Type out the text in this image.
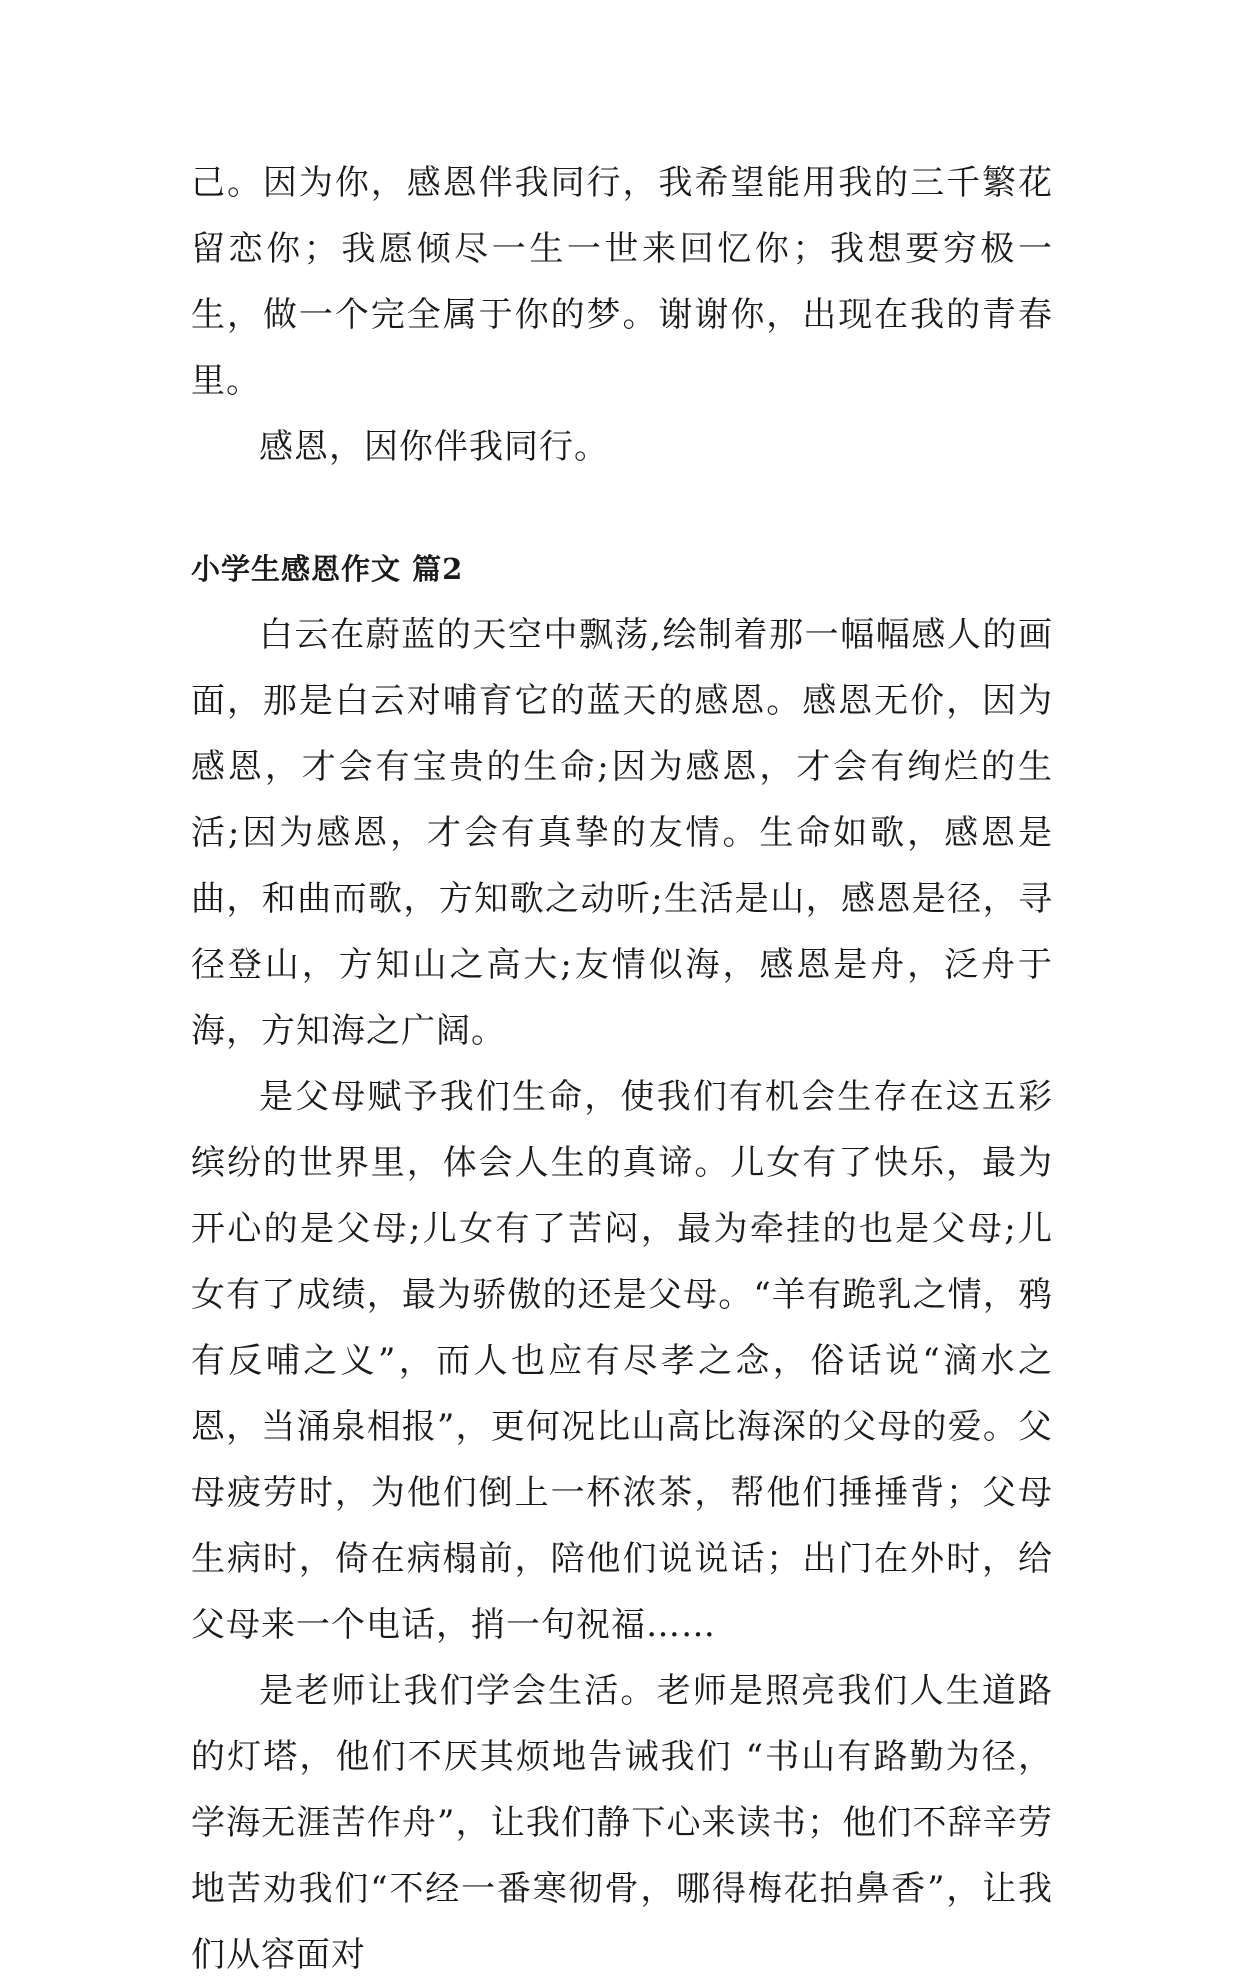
己。因为你，感恩伴我同行，我希望能用我的三千繁花留恋你；我愿倾尽一生一世来回忆你；我想要穷极一生，做一个完全属于你的梦。谢谢你，出现在我的青春里。

感恩，因你伴我同行。

小学生感恩作文 篇2

白云在蔚蓝的天空中飘荡,绘制着那一幅幅感人的画面，那是白云对哺育它的蓝天的感恩。感恩无价，因为感恩，才会有宝贵的生命;因为感恩，才会有绚烂的生活;因为感恩，才会有真挚的友情。生命如歌，感恩是曲，和曲而歌，方知歌之动听;生活是山，感恩是径，寻径登山，方知山之高大;友情似海，感恩是舟，泛舟于海，方知海之广阔。

是父母赋予我们生命，使我们有机会生存在这五彩缤纷的世界里，体会人生的真谛。儿女有了快乐，最为开心的是父母;儿女有了苦闷，最为牵挂的也是父母;儿女有了成绩，最为骄傲的还是父母。“羊有跪乳之情，鸦有反哺之义”，而人也应有尽孝之念，俗话说“滴水之恩，当涌泉相报”，更何况比山高比海深的父母的爱。父母疲劳时，为他们倒上一杯浓茶，帮他们捶捶背；父母生病时，倚在病榻前，陪他们说说话；出门在外时，给父母来一个电话，捎一句祝福……

是老师让我们学会生活。老师是照亮我们人生道路的灯塔，他们不厌其烦地告诫我们 “书山有路勤为径，学海无涯苦作舟”，让我们静下心来读书；他们不辞辛劳地苦劝我们“不经一番寒彻骨，哪得梅花拍鼻香”，让我们从容面对
